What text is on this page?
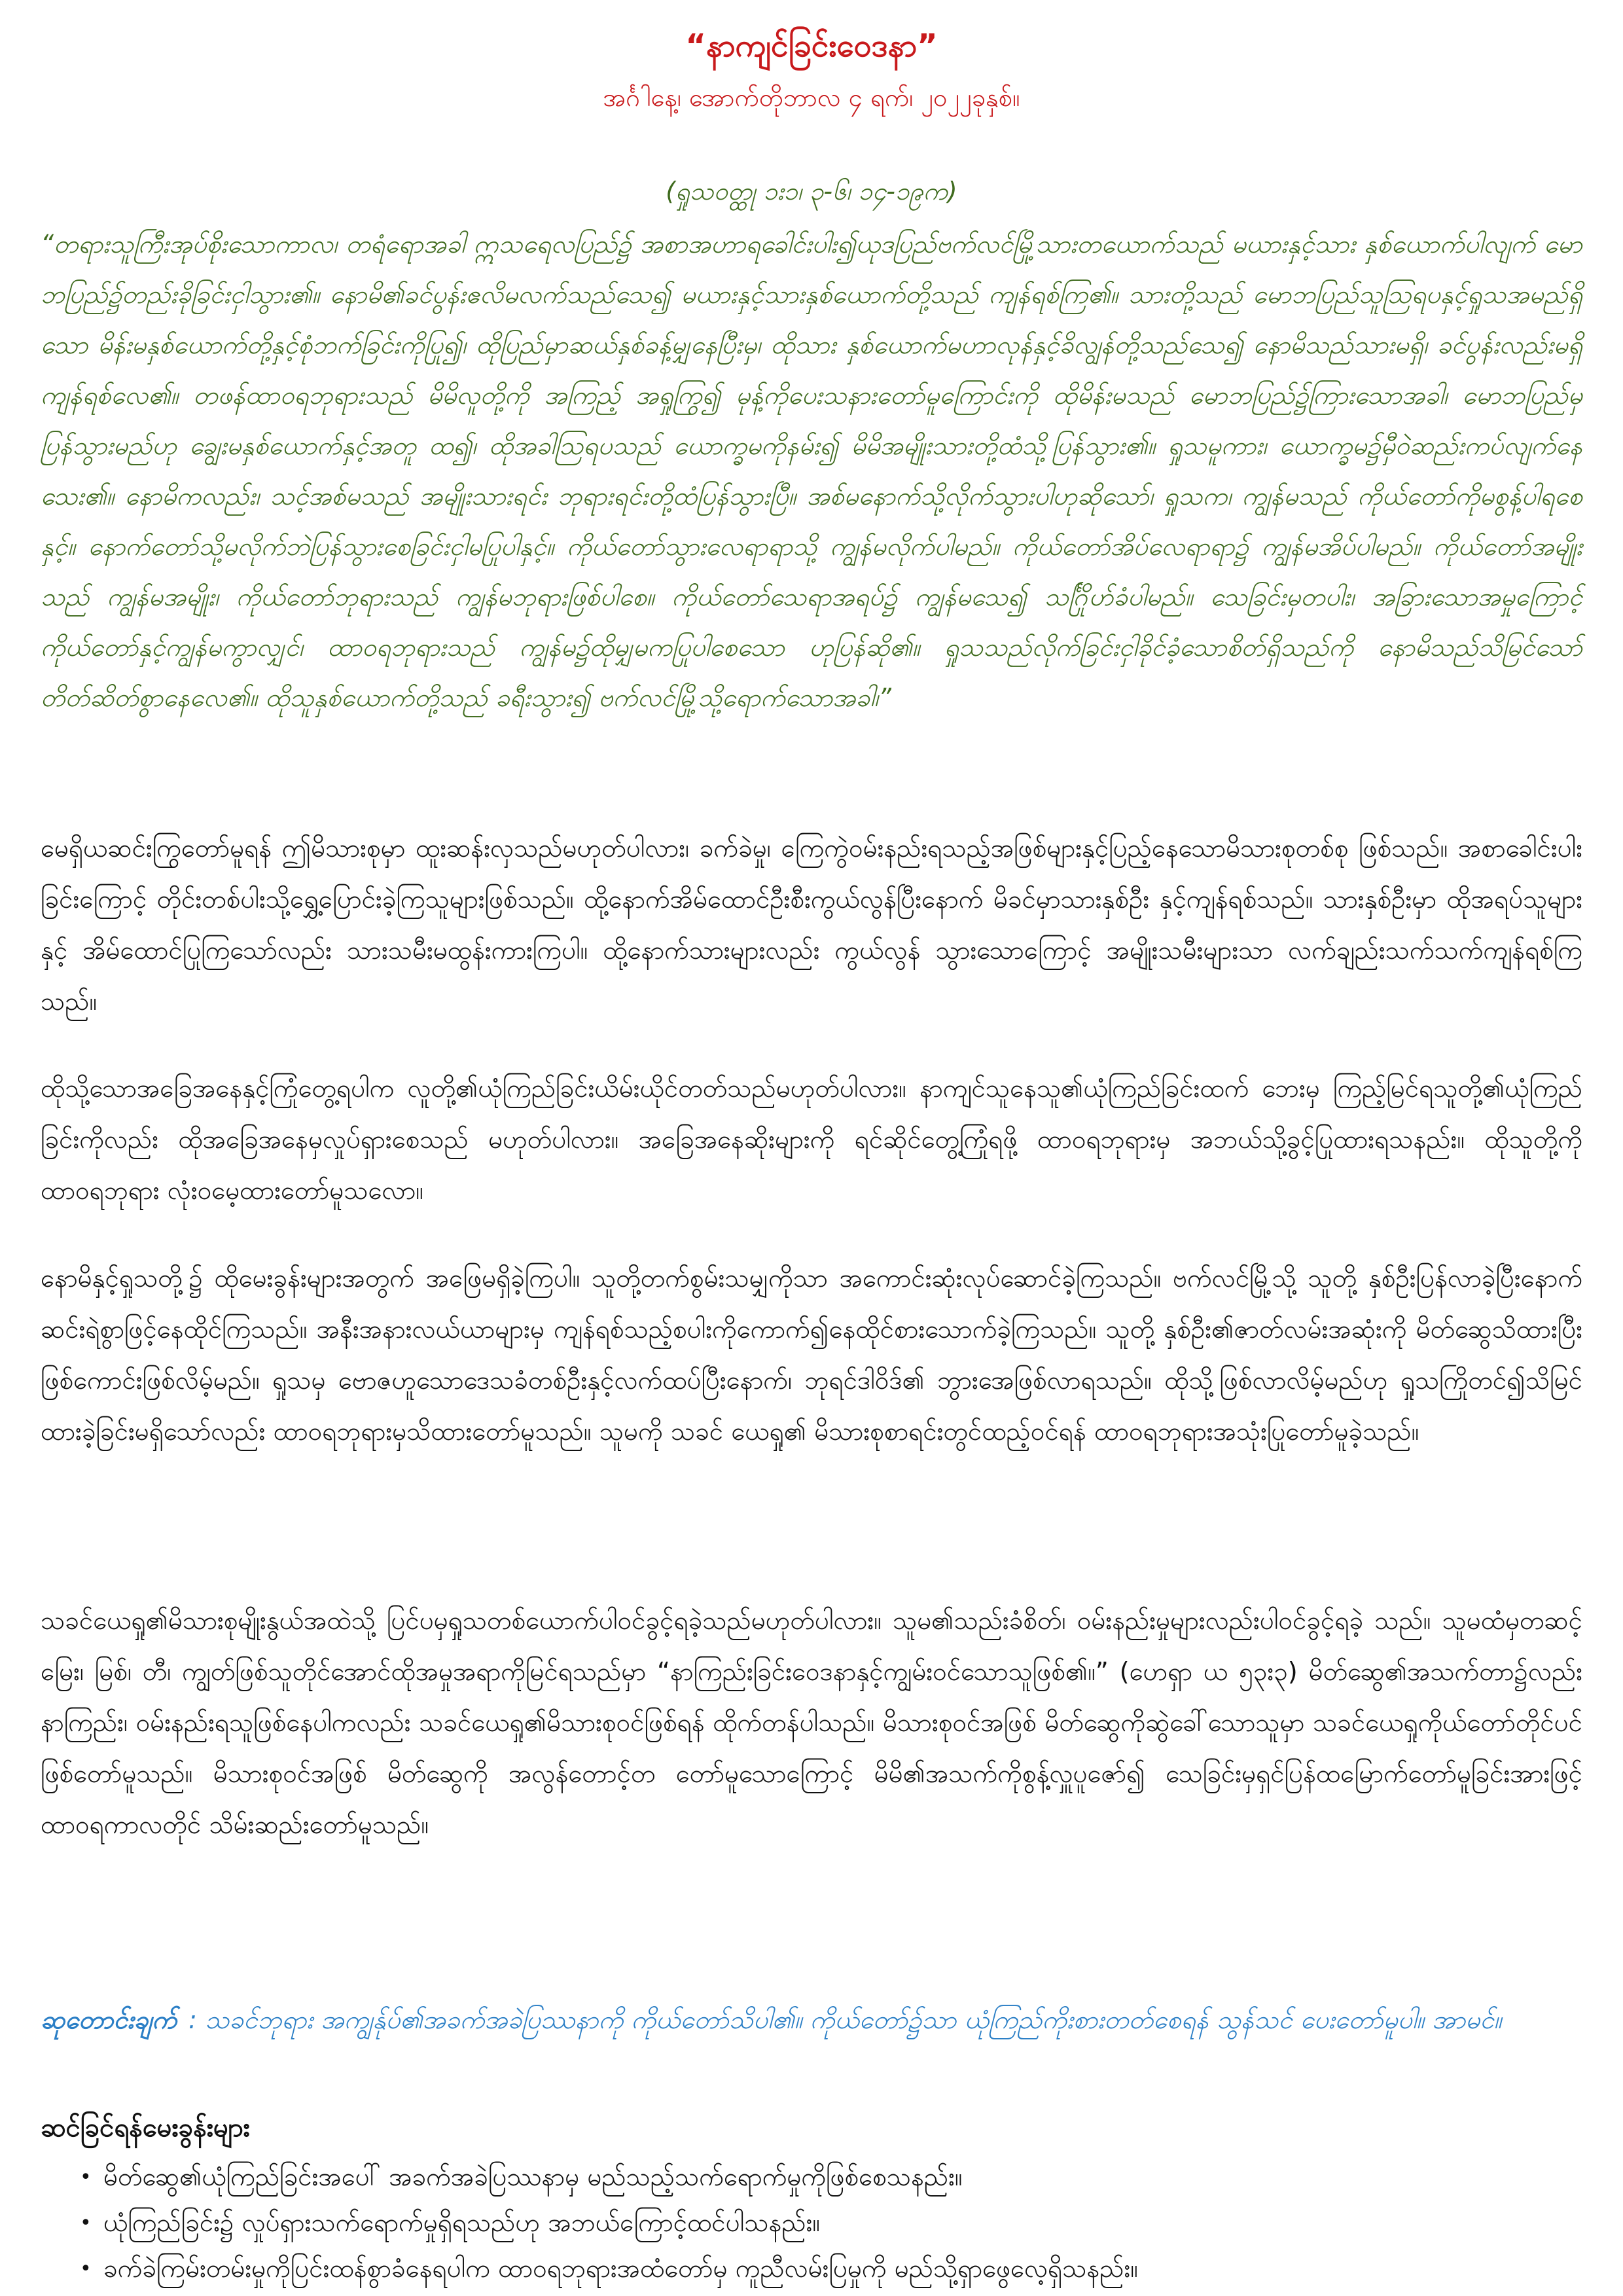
“နာကျင်ခြင်းဝေဒနာ”
အင်္ဂါနေ့၊ အောက်တိုဘာလ ၄ ရက်၊ ၂၀၂၂ခုနှစ်။
(ရှုသဝတ္ထု ၁း၁၊ ၃-၆၊ ၁၄-၁၉က)

“တရားသူကြီးအုပ်စိုးသောကာလ၊ တရံရောအခါ ဣသရေလပြည်၌ အစာအဟာရခေါင်းပါး၍ယုဒပြည်ဗက်လင်မြို့သားတယောက်သည် မယားနှင့်သား နှစ်ယောက်ပါလျက် မောဘပြည်၌တည်းခိုခြင်းငှါသွား၏။ နောမိ၏ခင်ပွန်းဧလိမလက်သည်သေ၍ မယားနှင့်သားနှစ်ယောက်တို့သည် ကျန်ရစ်ကြ၏။ သားတို့သည် မောဘပြည်သူဩရပနှင့်ရှုသအမည်ရှိသော မိန်းမနှစ်ယောက်တို့နှင့်စုံဘက်ခြင်းကိုပြု၍၊ ထိုပြည်မှာဆယ်နှစ်ခန့်မျှနေပြီးမှ၊ ထိုသား နှစ်ယောက်မဟာလုန်နှင့်ခိလျွန်တို့သည်သေ၍ နောမိသည်သားမရှိ၊ ခင်ပွန်းလည်းမရှိကျန်ရစ်လေ၏။ တဖန်ထာဝရဘုရားသည် မိမိလူတို့ကို အကြည့် အရှုကြွ၍ မုန့်ကိုပေးသနားတော်မူကြောင်းကို ထိုမိန်းမသည် မောဘပြည်၌ကြားသောအခါ၊ မောဘပြည်မှပြန်သွားမည်ဟု ချွေးမနှစ်ယောက်နှင့်အတူ ထ၍၊ ထိုအခါဩရပသည် ယောက္ခမကိုနမ်း၍ မိမိအမျိုးသားတို့ထံသို့ပြန်သွား၏။ ရှုသမူကား၊ ယောက္ခမ၌မှီဝဲဆည်းကပ်လျက်နေသေး၏။ နောမိကလည်း၊ သင့်အစ်မသည် အမျိုးသားရင်း ဘုရားရင်းတို့ထံပြန်သွားပြီ။ အစ်မနောက်သို့လိုက်သွားပါဟုဆိုသော်၊ ရှုသက၊ ကျွန်မသည် ကိုယ်တော်ကိုမစွန့်ပါရစေနှင့်။ နောက်တော်သို့မလိုက်ဘဲပြန်သွားစေခြင်းငှါမပြုပါနှင့်။ ကိုယ်တော်သွားလေရာရာသို့ ကျွန်မလိုက်ပါမည်။ ကိုယ်တော်အိပ်လေရာရာ၌ ကျွန်မအိပ်ပါမည်။ ကိုယ်တော်အမျိုးသည် ကျွန်မအမျိုး၊ ကိုယ်တော်ဘုရားသည် ကျွန်မဘုရားဖြစ်ပါစေ။ ကိုယ်တော်သေရာအရပ်၌ ကျွန်မသေ၍ သင်္ဂြိုဟ်ခံပါမည်။ သေခြင်းမှတပါး၊ အခြားသောအမှုကြောင့် ကိုယ်တော်နှင့်ကျွန်မကွာလျှင်၊ ထာဝရဘုရားသည် ကျွန်မ၌ထိုမျှမကပြုပါစေသော ဟုပြန်ဆို၏။ ရှုသသည်လိုက်ခြင်းငှါခိုင်ခံ့သောစိတ်ရှိသည်ကို နောမိသည်သိမြင်သော်တိတ်ဆိတ်စွာနေလေ၏။ ထိုသူနှစ်ယောက်တို့သည် ခရီးသွား၍ ဗက်လင်မြို့သို့ရောက်သောအခါ၊”

မေရှိယဆင်းကြွတော်မူရန် ဤမိသားစုမှာ ထူးဆန်းလှသည်မဟုတ်ပါလား၊ ခက်ခဲမှု၊ ကြေကွဲဝမ်းနည်းရသည့်အဖြစ်များနှင့်ပြည့်နေသောမိသားစုတစ်စု ဖြစ်သည်။ အစာခေါင်းပါးခြင်းကြောင့် တိုင်းတစ်ပါးသို့ရွှေ့ပြောင်းခဲ့ကြသူများဖြစ်သည်။ ထို့နောက်အိမ်ထောင်ဦးစီးကွယ်လွန်ပြီးနောက် မိခင်မှာသားနှစ်ဦး နှင့်ကျန်ရစ်သည်။ သားနှစ်ဦးမှာ ထိုအရပ်သူများနှင့် အိမ်ထောင်ပြုကြသော်လည်း သားသမီးမထွန်းကားကြပါ။ ထို့နောက်သားများလည်း ကွယ်လွန် သွားသောကြောင့် အမျိုးသမီးများသာ လက်ချည်းသက်သက်ကျန်ရစ်ကြသည်။

ထိုသို့သောအခြေအနေနှင့်ကြုံတွေ့ရပါက လူတို့၏ယုံကြည်ခြင်းယိမ်းယိုင်တတ်သည်မဟုတ်ပါလား။ နာကျင်သူနေသူ၏ယုံကြည်ခြင်းထက် ဘေးမှ ကြည့်မြင်ရသူတို့၏ယုံကြည်ခြင်းကိုလည်း ထိုအခြေအနေမှလှုပ်ရှားစေသည် မဟုတ်ပါလား။ အခြေအနေဆိုးများကို ရင်ဆိုင်တွေ့ကြုံရဖို့ ထာဝရဘုရားမှ အဘယ်သို့ခွင့်ပြုထားရသနည်း။ ထိုသူတို့ကို ထာဝရဘုရား လုံးဝမေ့ထားတော်မူသလော။

နောမိနှင့်ရှုသတို့၌ ထိုမေးခွန်းများအတွက် အဖြေမရှိခဲ့ကြပါ။ သူတို့တက်စွမ်းသမျှကိုသာ အကောင်းဆုံးလုပ်ဆောင်ခဲ့ကြသည်။ ဗက်လင်မြို့သို့ သူတို့ နှစ်ဦးပြန်လာခဲ့ပြီးနောက် ဆင်းရဲစွာဖြင့်နေထိုင်ကြသည်။ အနီးအနားလယ်ယာများမှ ကျန်ရစ်သည့်စပါးကိုကောက်၍နေထိုင်စားသောက်ခဲ့ကြသည်။ သူတို့ နှစ်ဦး၏ဇာတ်လမ်းအဆုံးကို မိတ်ဆွေသိထားပြီးဖြစ်ကောင်းဖြစ်လိမ့်မည်။ ရှုသမှ ဗောဇဟူသောဒေသခံတစ်ဦးနှင့်လက်ထပ်ပြီးနောက်၊ ဘုရင်ဒါဝိဒ်၏ ဘွားအေဖြစ်လာရသည်။ ထိုသို့ဖြစ်လာလိမ့်မည်ဟု ရှုသကြိုတင်၍သိမြင်ထားခဲ့ခြင်းမရှိသော်လည်း ထာဝရဘုရားမှသိထားတော်မူသည်။ သူမကို သခင် ယေရှု၏ မိသားစုစာရင်းတွင်ထည့်ဝင်ရန် ထာဝရဘုရားအသုံးပြုတော်မူခဲ့သည်။

သခင်ယေရှု၏မိသားစုမျိုးနွယ်အထဲသို့ ပြင်ပမှရှုသတစ်ယောက်ပါဝင်ခွင့်ရခဲ့သည်မဟုတ်ပါလား။ သူမ၏သည်းခံစိတ်၊ ဝမ်းနည်းမှုများလည်းပါဝင်ခွင့်ရခဲ့ သည်။ သူမထံမှတဆင့်မြေး၊ မြစ်၊ တီ၊ ကျွတ်ဖြစ်သူတိုင်အောင်ထိုအမှုအရာကိုမြင်ရသည်မှာ “နာကြည်းခြင်းဝေဒနာနှင့်ကျွမ်းဝင်သောသူဖြစ်၏။” (ဟေရှာ ယ ၅၃း၃) မိတ်ဆွေ၏အသက်တာ၌လည်း နာကြည်း၊ ဝမ်းနည်းရသူဖြစ်နေပါကလည်း သခင်ယေရှု၏မိသားစုဝင်ဖြစ်ရန် ထိုက်တန်ပါသည်။ မိသားစုဝင်အဖြစ် မိတ်ဆွေကိုဆွဲခေါ်သောသူမှာ သခင်ယေရှုကိုယ်တော်တိုင်ပင်ဖြစ်တော်မူသည်။ မိသားစုဝင်အဖြစ် မိတ်ဆွေကို အလွန်တောင့်တ တော်မူသောကြောင့် မိမိ၏အသက်ကိုစွန့်လှူပူဇော်၍ သေခြင်းမှရှင်ပြန်ထမြောက်တော်မူခြင်းအားဖြင့် ထာဝရကာလတိုင် သိမ်းဆည်းတော်မူသည်။

ဆုတောင်းချက် : သခင်ဘုရား အကျွန်ုပ်၏အခက်အခဲပြဿနာကို ကိုယ်တော်သိပါ၏။ ကိုယ်တော်၌သာ ယုံကြည်ကိုးစားတတ်စေရန် သွန်သင် ပေးတော်မူပါ။ အာမင်။

ဆင်ခြင်ရန်မေးခွန်းများ
• မိတ်ဆွေ၏ယုံကြည်ခြင်းအပေါ် အခက်အခဲပြဿနာမှ မည်သည့်သက်ရောက်မှုကိုဖြစ်စေသနည်း။
• ယုံကြည်ခြင်း၌ လှုပ်ရှားသက်ရောက်မှုရှိရသည်ဟု အဘယ်ကြောင့်ထင်ပါသနည်း။
• ခက်ခဲကြမ်းတမ်းမှုကိုပြင်းထန်စွာခံနေရပါက ထာဝရဘုရားအထံတော်မှ ကူညီလမ်းပြမှုကို မည်သို့ရှာဖွေလေ့ရှိသနည်း။
